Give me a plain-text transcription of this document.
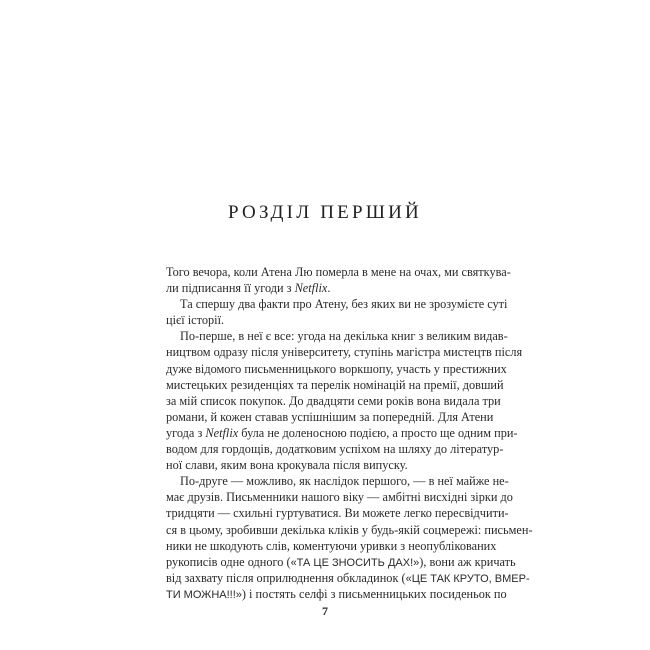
РОЗДІЛ ПЕРШИЙ
Того вечора, коли Атена Лю померла в мене на очах, ми святкува-
ли підписання її угоди з Netflix.
Та спершу два факти про Атену, без яких ви не зрозумієте суті
цієї історії.
По-перше, в неї є все: угода на декілька книг з великим видав-
ництвом одразу після університету, ступінь магістра мистецтв після
дуже відомого письменницького воркшопу, участь у престижних
мистецьких резиденціях та перелік номінацій на премії, довший
за мій список покупок. До двадцяти семи років вона видала три
романи, й кожен ставав успішнішим за попередній. Для Атени
угода з Netflix була не доленосною подією, а просто ще одним при-
водом для гордощів, додатковим успіхом на шляху до літератур-
ної слави, яким вона крокувала після випуску.
По-друге — можливо, як наслідок першого, — в неї майже не-
має друзів. Письменники нашого віку — амбітні висхідні зірки до
тридцяти — схильні гуртуватися. Ви можете легко пересвідчити-
ся в цьому, зробивши декілька кліків у будь-якій соцмережі: письмен-
ники не шкодують слів, коментуючи уривки з неопублікованих
рукописів одне одного («ТА ЦЕ ЗНОСИТЬ ДАХ!»), вони аж кричать
від захвату після оприлюднення обкладинок («ЦЕ ТАК КРУТО, ВМЕР-
ТИ МОЖНА!!!») і постять селфі з письменницьких посиденьок по
7
